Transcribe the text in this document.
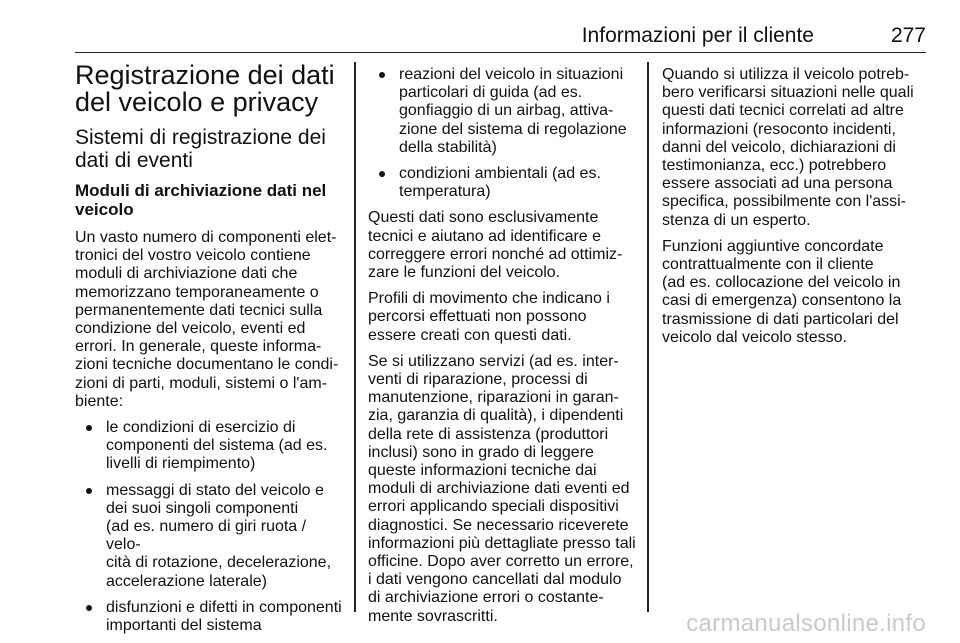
Informazioni per il cliente	277
Registrazione dei dati
del veicolo e privacy
Sistemi di registrazione dei
dati di eventi
Moduli di archiviazione dati nel
veicolo

Un vasto numero di componenti elet-
tronici del vostro veicolo contiene
moduli di archiviazione dati che
memorizzano temporaneamente o
permanentemente dati tecnici sulla
condizione del veicolo, eventi ed
errori. In generale, queste informa-
zioni tecniche documentano le condi-
zioni di parti, moduli, sistemi o l'am-
biente:

le condizioni di esercizio di
componenti del sistema (ad es.
livelli di riempimento)
messaggi di stato del veicolo e
dei suoi singoli componenti
(ad es. numero di giri ruota / velo-
cità di rotazione, decelerazione,
accelerazione laterale)
disfunzioni e difetti in componenti
importanti del sistema
reazioni del veicolo in situazioni
particolari di guida (ad es.
gonfiaggio di un airbag, attiva-
zione del sistema di regolazione
della stabilità)
condizioni ambientali (ad es.
temperatura)

Questi dati sono esclusivamente
tecnici e aiutano ad identificare e
correggere errori nonché ad ottimiz-
zare le funzioni del veicolo.

Profili di movimento che indicano i
percorsi effettuati non possono
essere creati con questi dati.

Se si utilizzano servizi (ad es. inter-
venti di riparazione, processi di
manutenzione, riparazioni in garan-
zia, garanzia di qualità), i dipendenti
della rete di assistenza (produttori
inclusi) sono in grado di leggere
queste informazioni tecniche dai
moduli di archiviazione dati eventi ed
errori applicando speciali dispositivi
diagnostici. Se necessario riceverete
informazioni più dettagliate presso tali
officine. Dopo aver corretto un errore,
i dati vengono cancellati dal modulo
di archiviazione errori o costante-
mente sovrascritti.

Quando si utilizza il veicolo potreb-
bero verificarsi situazioni nelle quali
questi dati tecnici correlati ad altre
informazioni (resoconto incidenti,
danni del veicolo, dichiarazioni di
testimonianza, ecc.) potrebbero
essere associati ad una persona
specifica, possibilmente con l'assi-
stenza di un esperto.

Funzioni aggiuntive concordate
contrattualmente con il cliente
(ad es. collocazione del veicolo in
casi di emergenza) consentono la
trasmissione di dati particolari del
veicolo dal veicolo stesso.

carmanualsonline.info
